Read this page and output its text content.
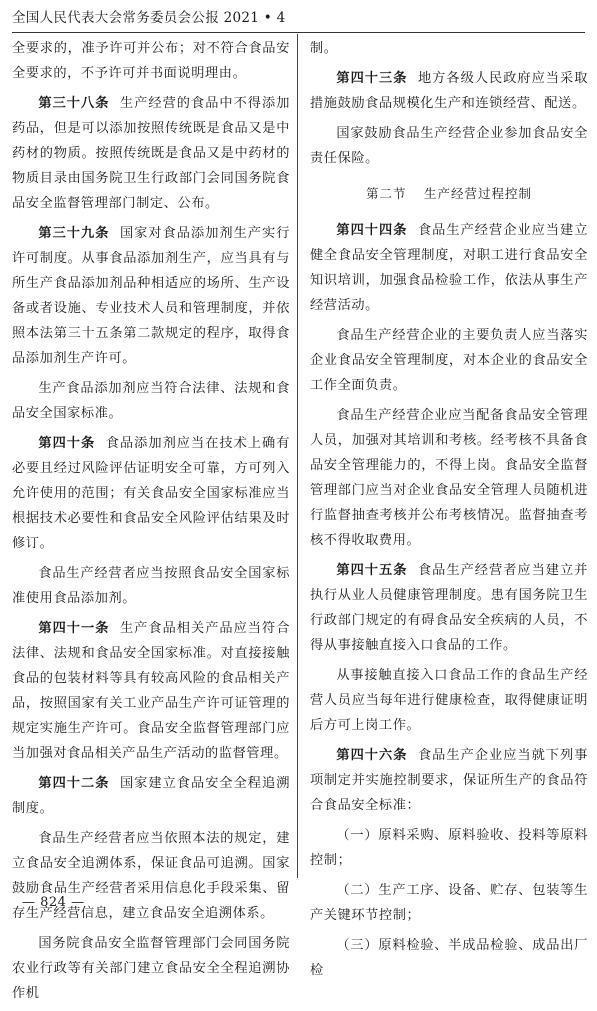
全国人民代表大会常务委员会公报 2021 • 4

全要求的，准予许可并公布；对不符合食品安全要求的，不予许可并书面说明理由。

第三十八条 生产经营的食品中不得添加药品，但是可以添加按照传统既是食品又是中药材的物质。按照传统既是食品又是中药材的物质目录由国务院卫生行政部门会同国务院食品安全监督管理部门制定、公布。

第三十九条 国家对食品添加剂生产实行许可制度。从事食品添加剂生产，应当具有与所生产食品添加剂品种相适应的场所、生产设备或者设施、专业技术人员和管理制度，并依照本法第三十五条第二款规定的程序，取得食品添加剂生产许可。

生产食品添加剂应当符合法律、法规和食品安全国家标准。

第四十条 食品添加剂应当在技术上确有必要且经过风险评估证明安全可靠，方可列入允许使用的范围；有关食品安全国家标准应当根据技术必要性和食品安全风险评估结果及时修订。

食品生产经营者应当按照食品安全国家标准使用食品添加剂。

第四十一条 生产食品相关产品应当符合法律、法规和食品安全国家标准。对直接接触食品的包装材料等具有较高风险的食品相关产品，按照国家有关工业产品生产许可证管理的规定实施生产许可。食品安全监督管理部门应当加强对食品相关产品生产活动的监督管理。

第四十二条 国家建立食品安全全程追溯制度。

食品生产经营者应当依照本法的规定，建立食品安全追溯体系，保证食品可追溯。国家鼓励食品生产经营者采用信息化手段采集、留存生产经营信息，建立食品安全追溯体系。

国务院食品安全监督管理部门会同国务院农业行政等有关部门建立食品安全全程追溯协作机

制。

第四十三条 地方各级人民政府应当采取措施鼓励食品规模化生产和连锁经营、配送。

国家鼓励食品生产经营企业参加食品安全责任保险。

第二节 生产经营过程控制

第四十四条 食品生产经营企业应当建立健全食品安全管理制度，对职工进行食品安全知识培训，加强食品检验工作，依法从事生产经营活动。

食品生产经营企业的主要负责人应当落实企业食品安全管理制度，对本企业的食品安全工作全面负责。

食品生产经营企业应当配备食品安全管理人员，加强对其培训和考核。经考核不具备食品安全管理能力的，不得上岗。食品安全监督管理部门应当对企业食品安全管理人员随机进行监督抽查考核并公布考核情况。监督抽查考核不得收取费用。

第四十五条 食品生产经营者应当建立并执行从业人员健康管理制度。患有国务院卫生行政部门规定的有碍食品安全疾病的人员，不得从事接触直接入口食品的工作。

从事接触直接入口食品工作的食品生产经营人员应当每年进行健康检查，取得健康证明后方可上岗工作。

第四十六条 食品生产企业应当就下列事项制定并实施控制要求，保证所生产的食品符合食品安全标准：

（一）原料采购、原料验收、投料等原料控制；

（二）生产工序、设备、贮存、包装等生产关键环节控制；

（三）原料检验、半成品检验、成品出厂检

— 824 —
